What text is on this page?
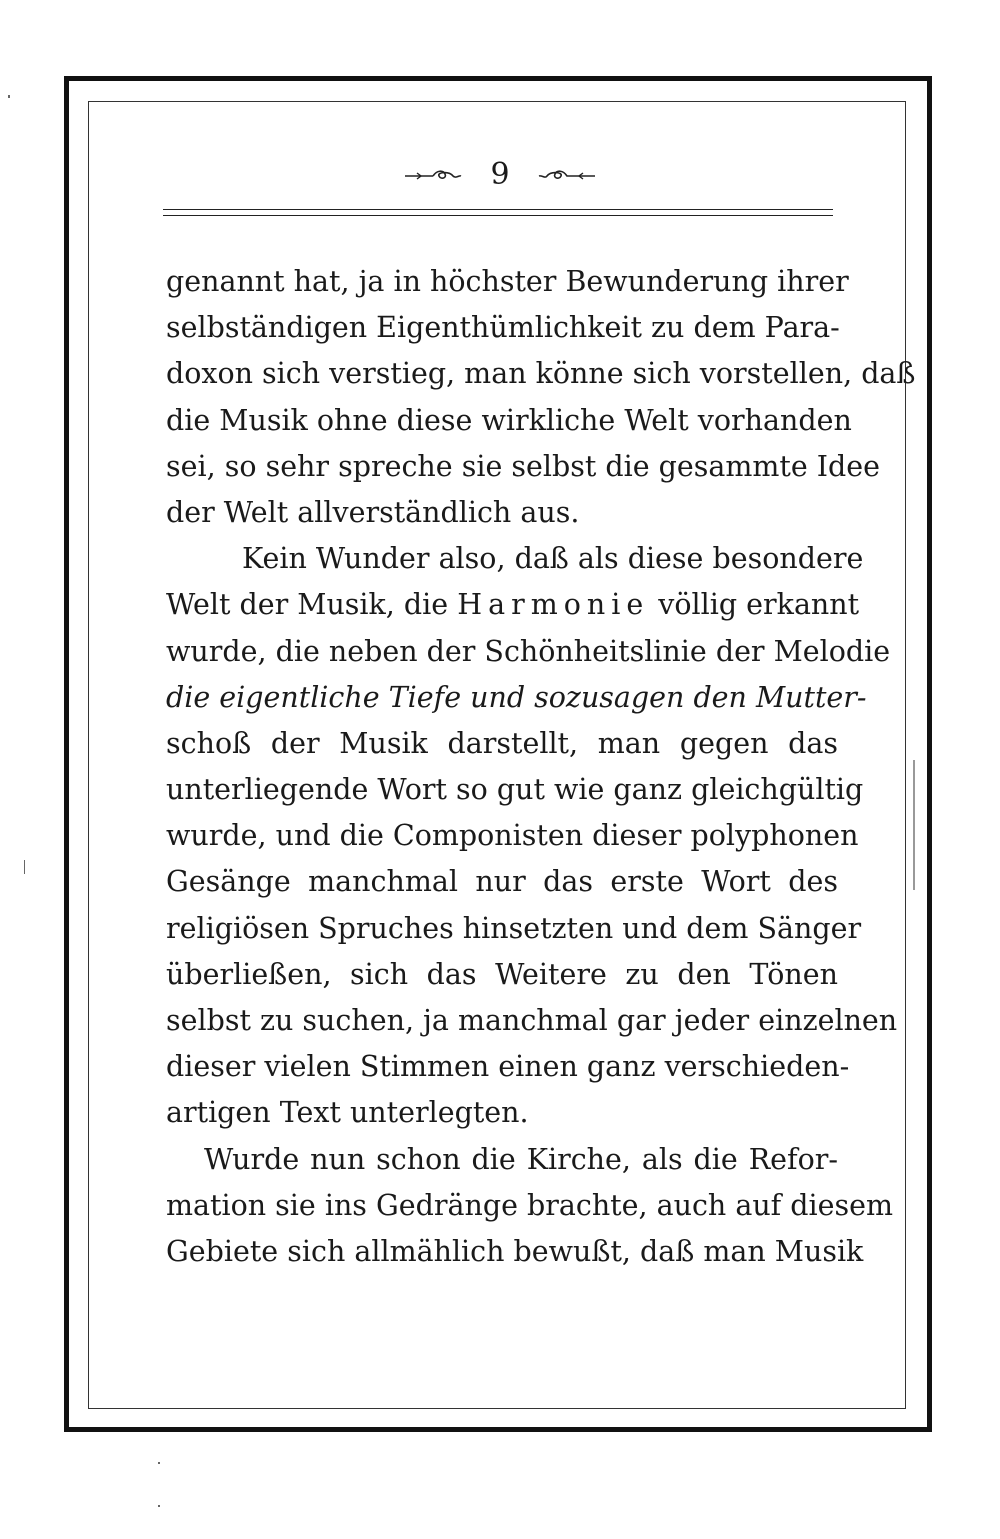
9
genannt hat, ja in höchster Bewunderung ihrer
selbständigen Eigenthümlichkeit zu dem Para-
doxon sich verstieg, man könne sich vorstellen, daß
die Musik ohne diese wirkliche Welt vorhanden
sei, so sehr spreche sie selbst die gesammte Idee
der Welt allverständlich aus.
Kein Wunder also, daß als diese besondere
Welt der Musik, die Harmonie völlig erkannt
wurde, die neben der Schönheitslinie der Melodie
die eigentliche Tiefe und sozusagen den Mutter-
schoß der Musik darstellt, man gegen das
unterliegende Wort so gut wie ganz gleichgültig
wurde, und die Componisten dieser polyphonen
Gesänge manchmal nur das erste Wort des
religiösen Spruches hinsetzten und dem Sänger
überließen, sich das Weitere zu den Tönen
selbst zu suchen, ja manchmal gar jeder einzelnen
dieser vielen Stimmen einen ganz verschieden-
artigen Text unterlegten.
Wurde nun schon die Kirche, als die Refor-
mation sie ins Gedränge brachte, auch auf diesem
Gebiete sich allmählich bewußt, daß man Musik
